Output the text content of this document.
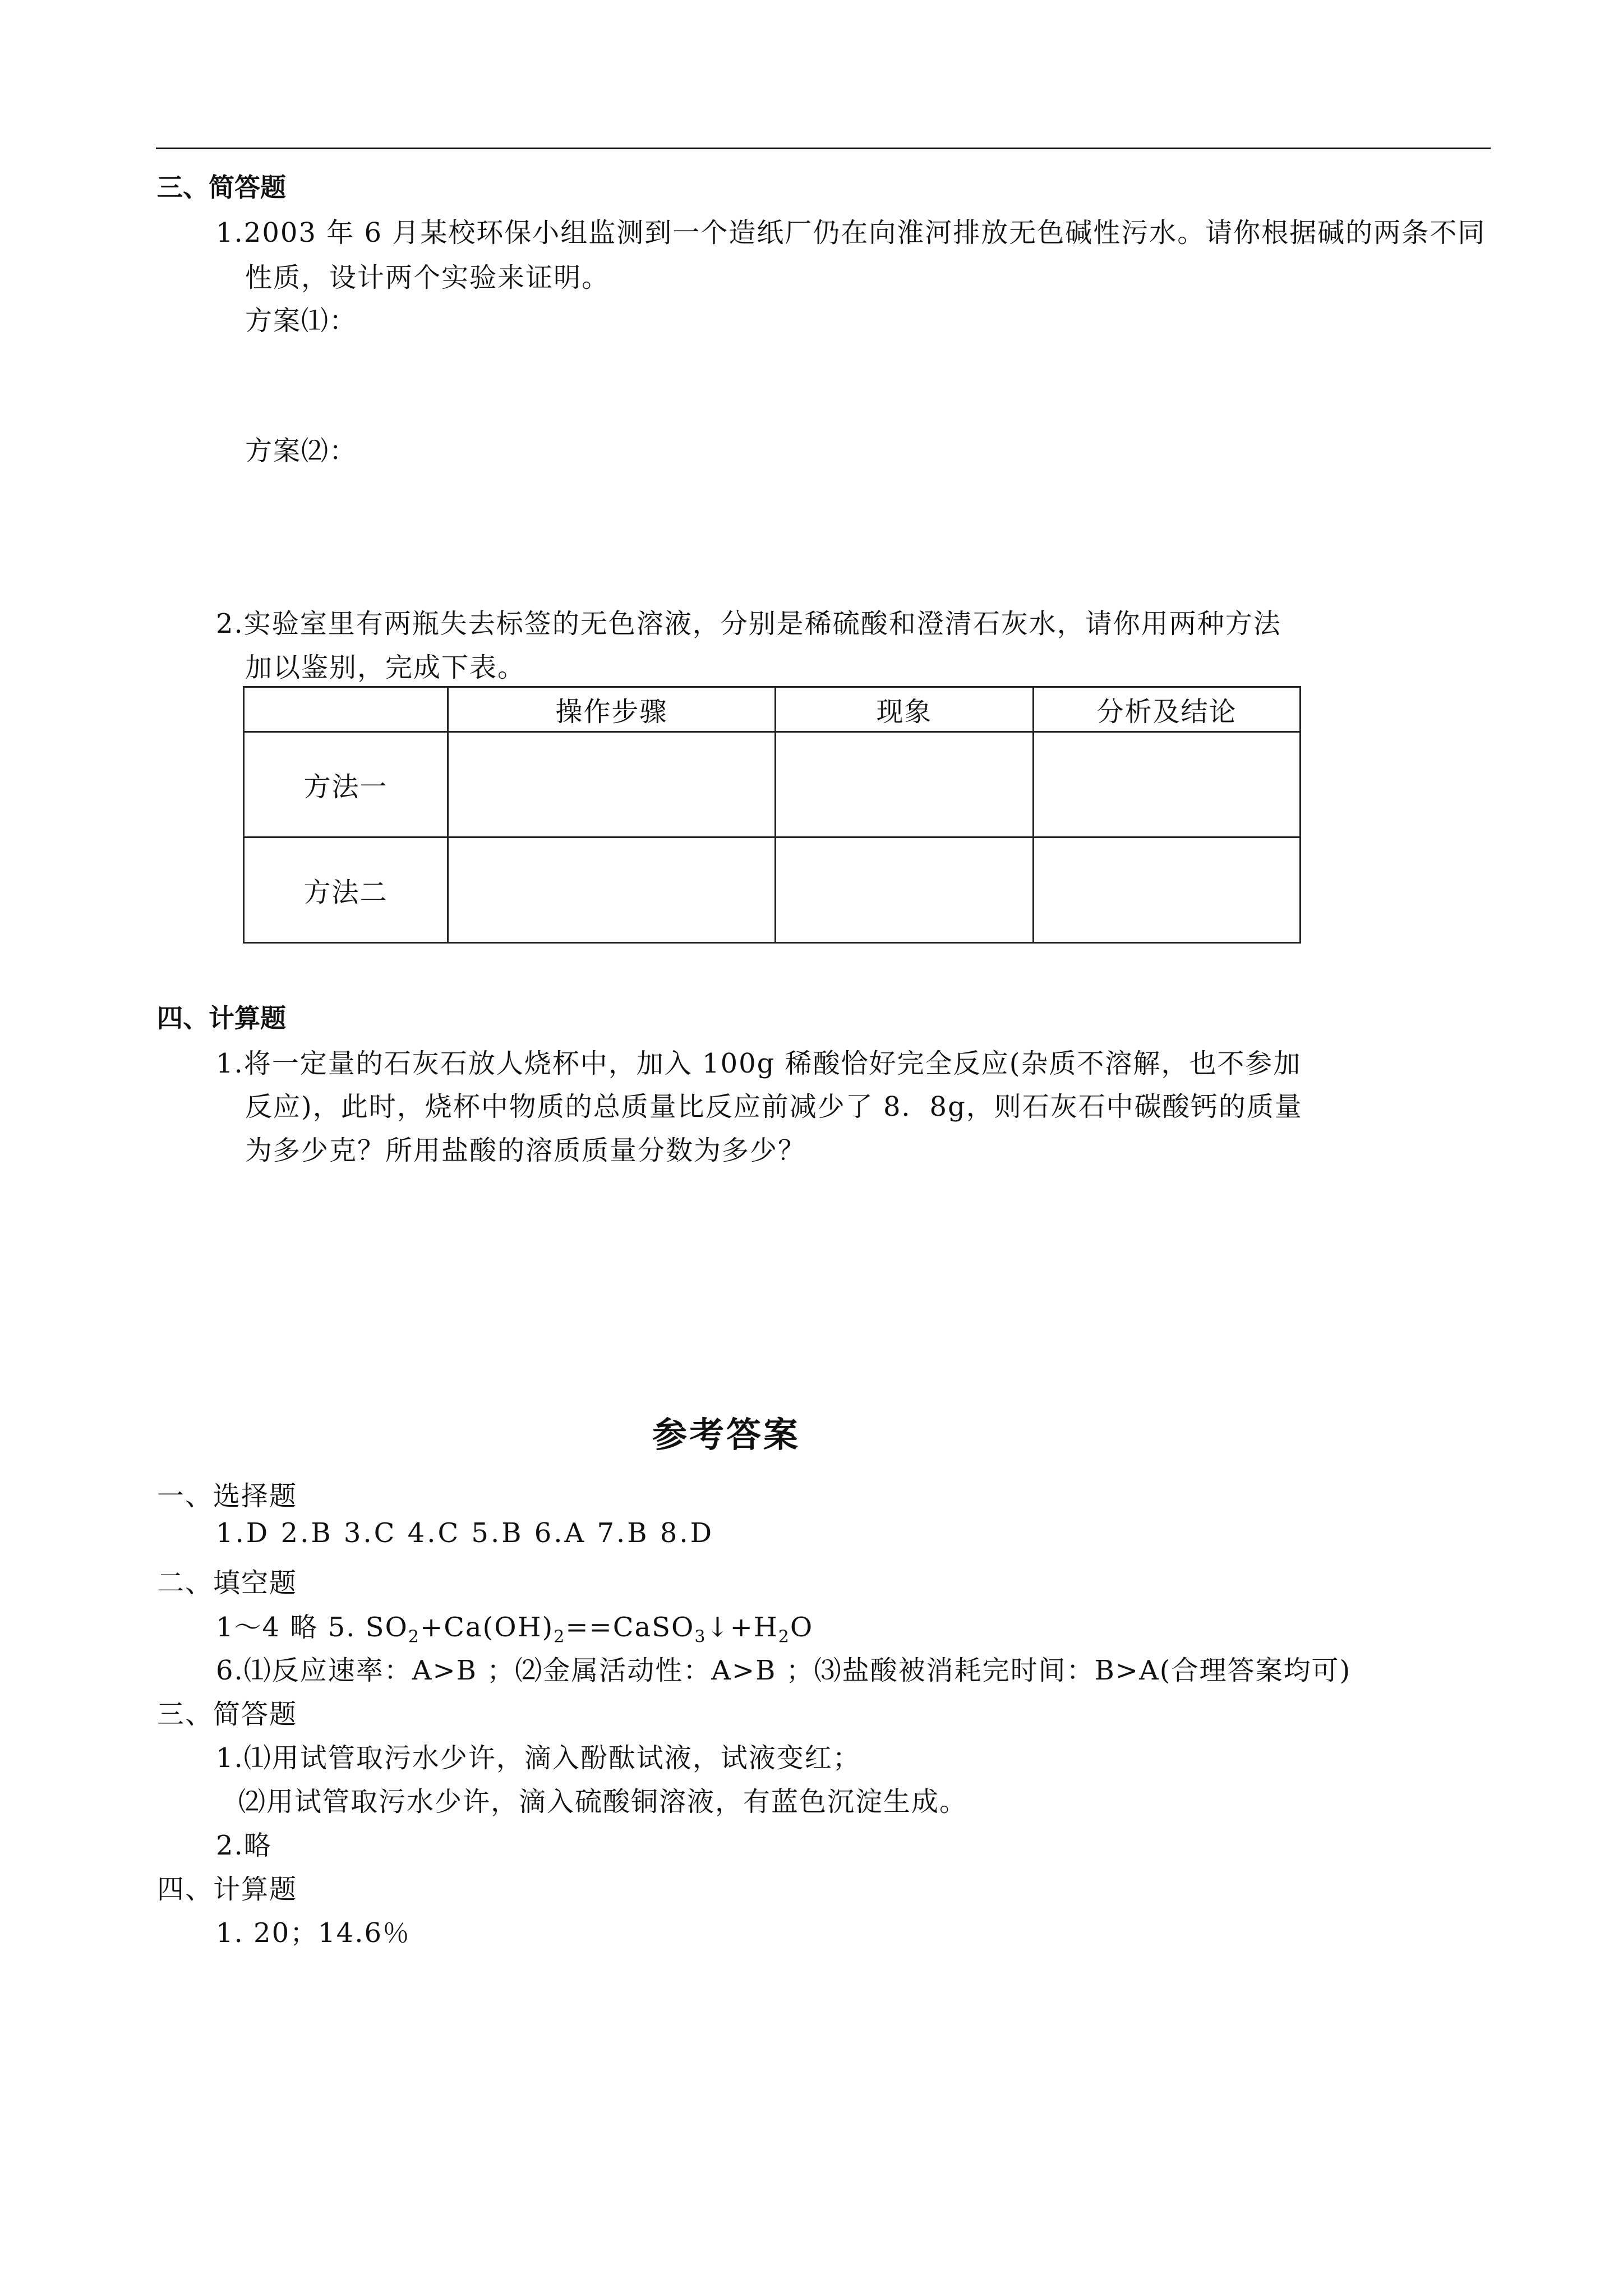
三、简答题
1.2003 年 6 月某校环保小组监测到一个造纸厂仍在向淮河排放无色碱性污水。请你根据碱的两条不同
性质，设计两个实验来证明。
方案⑴：
方案⑵：
2.实验室里有两瓶失去标签的无色溶液，分别是稀硫酸和澄清石灰水，请你用两种方法
加以鉴别，完成下表。
	操作步骤	现象	分析及结论
方法一			
方法二			
四、计算题
1.将一定量的石灰石放人烧杯中，加入 100g 稀酸恰好完全反应(杂质不溶解，也不参加
反应)，此时，烧杯中物质的总质量比反应前减少了 8．8g，则石灰石中碳酸钙的质量
为多少克？所用盐酸的溶质质量分数为多少？
参考答案
一、选择题
1.D 2.B 3.C 4.C 5.B 6.A 7.B 8.D
二、填空题
1～4 略 5. $SO_2+Ca(OH)_2==CaSO_3↓+H_2O$
6.⑴反应速率：A>B ；⑵金属活动性：A>B ；⑶盐酸被消耗完时间：B>A(合理答案均可)
三、简答题
1.⑴用试管取污水少许，滴入酚酞试液，试液变红；
⑵用试管取污水少许，滴入硫酸铜溶液，有蓝色沉淀生成。
2.略
四、计算题
1. 20；14.6％
